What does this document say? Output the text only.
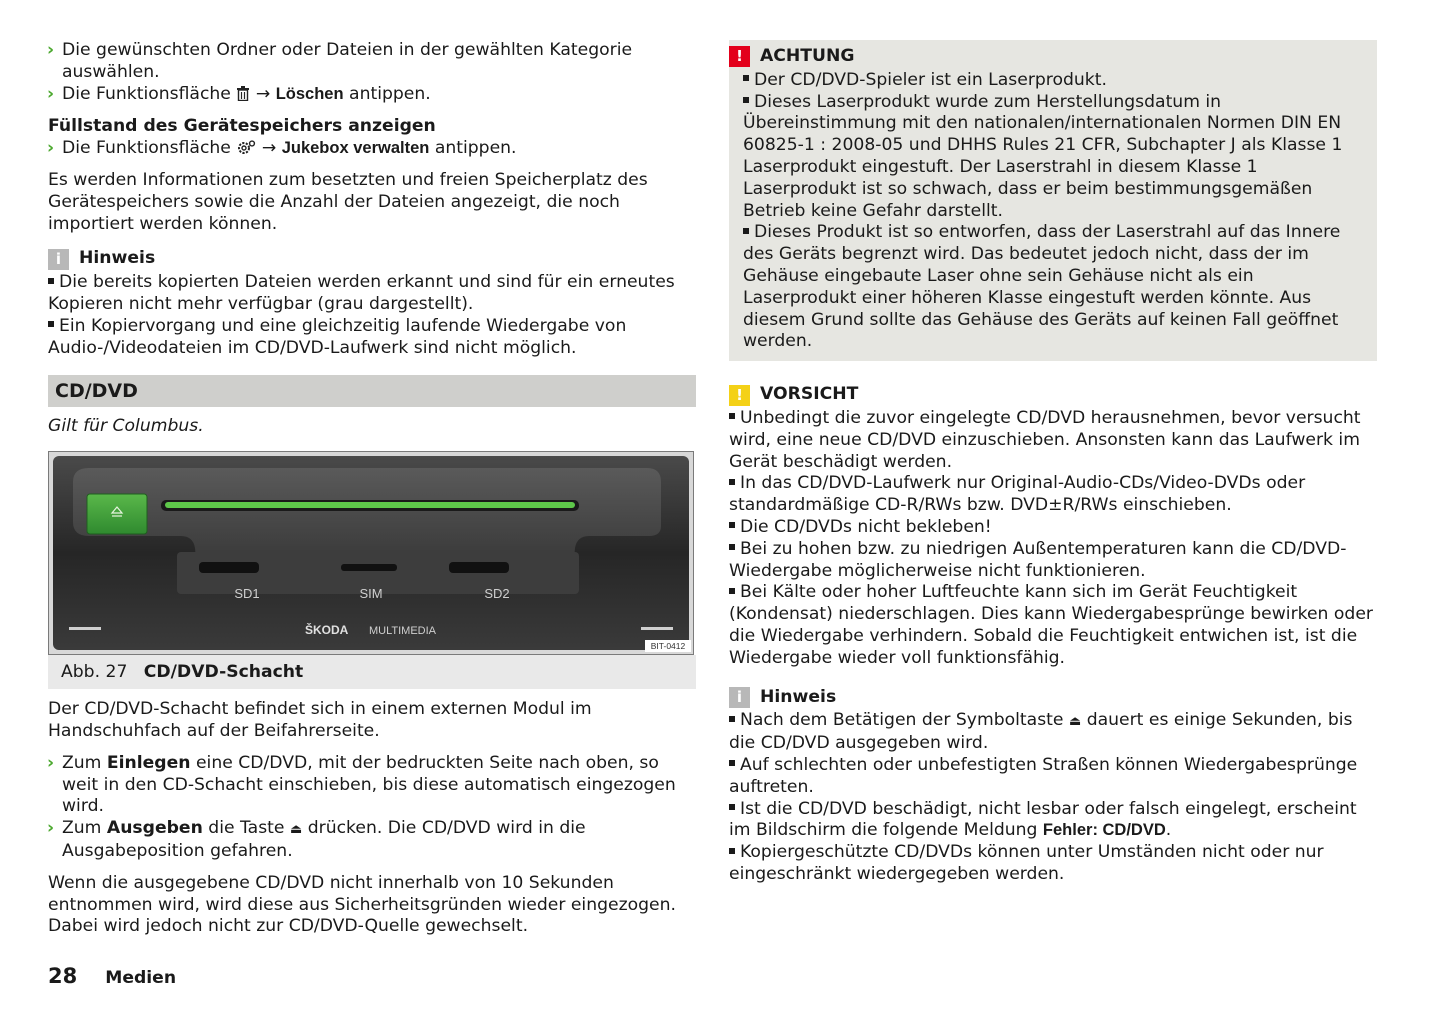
› Die gewünschten Ordner oder Dateien in der gewählten Kategorie auswählen.
› Die Funktionsfläche → Löschen antippen.
Füllstand des Gerätespeichers anzeigen
› Die Funktionsfläche → Jukebox verwalten antippen.

Es werden Informationen zum besetzten und freien Speicherplatz des Gerätespeichers sowie die Anzahl der Dateien angezeigt, die noch importiert werden können.

i	Hinweis
Die bereits kopierten Dateien werden erkannt und sind für ein erneutes Kopieren nicht mehr verfügbar (grau dargestellt).
Ein Kopiervorgang und eine gleichzeitig laufende Wiedergabe von Audio-/Videodateien im CD/DVD-Laufwerk sind nicht möglich.
CD/DVD
Gilt für Columbus.
SD1	SIM	SD2
ŠKODA MULTIMEDIA
BIT-0412
Abb. 27 CD/DVD-Schacht

Der CD/DVD-Schacht befindet sich in einem externen Modul im Handschuhfach auf der Beifahrerseite.

› Zum Einlegen eine CD/DVD, mit der bedruckten Seite nach oben, so weit in den CD-Schacht einschieben, bis diese automatisch eingezogen wird.
› Zum Ausgeben die Taste ⏏ drücken. Die CD/DVD wird in die Ausgabeposition gefahren.

Wenn die ausgegebene CD/DVD nicht innerhalb von 10 Sekunden entnommen wird, wird diese aus Sicherheitsgründen wieder eingezogen. Dabei wird jedoch nicht zur CD/DVD-Quelle gewechselt.

! ACHTUNG
Der CD/DVD-Spieler ist ein Laserprodukt.
Dieses Laserprodukt wurde zum Herstellungsdatum in Übereinstimmung mit den nationalen/internationalen Normen DIN EN 60825-1 : 2008-05 und DHHS Rules 21 CFR, Subchapter J als Klasse 1 Laserprodukt eingestuft. Der Laserstrahl in diesem Klasse 1 Laserprodukt ist so schwach, dass er beim bestimmungsgemäßen Betrieb keine Gefahr darstellt.
Dieses Produkt ist so entworfen, dass der Laserstrahl auf das Innere des Geräts begrenzt wird. Das bedeutet jedoch nicht, dass der im Gehäuse eingebaute Laser ohne sein Gehäuse nicht als ein Laserprodukt einer höheren Klasse eingestuft werden könnte. Aus diesem Grund sollte das Gehäuse des Geräts auf keinen Fall geöffnet werden.
! VORSICHT
Unbedingt die zuvor eingelegte CD/DVD herausnehmen, bevor versucht wird, eine neue CD/DVD einzuschieben. Ansonsten kann das Laufwerk im Gerät beschädigt werden.
In das CD/DVD-Laufwerk nur Original-Audio-CDs/Video-DVDs oder standardmäßige CD-R/RWs bzw. DVD±R/RWs einschieben.
Die CD/DVDs nicht bekleben!
Bei zu hohen bzw. zu niedrigen Außentemperaturen kann die CD/DVD-Wiedergabe möglicherweise nicht funktionieren.
Bei Kälte oder hoher Luftfeuchte kann sich im Gerät Feuchtigkeit (Kondensat) niederschlagen. Dies kann Wiedergabesprünge bewirken oder die Wiedergabe verhindern. Sobald die Feuchtigkeit entwichen ist, ist die Wiedergabe wieder voll funktionsfähig.
i	Hinweis
Nach dem Betätigen der Symboltaste ⏏ dauert es einige Sekunden, bis die CD/DVD ausgegeben wird.
Auf schlechten oder unbefestigten Straßen können Wiedergabesprünge auftreten.
Ist die CD/DVD beschädigt, nicht lesbar oder falsch eingelegt, erscheint im Bildschirm die folgende Meldung Fehler: CD/DVD.
Kopiergeschützte CD/DVDs können unter Umständen nicht oder nur eingeschränkt wiedergegeben werden.
28 Medien
